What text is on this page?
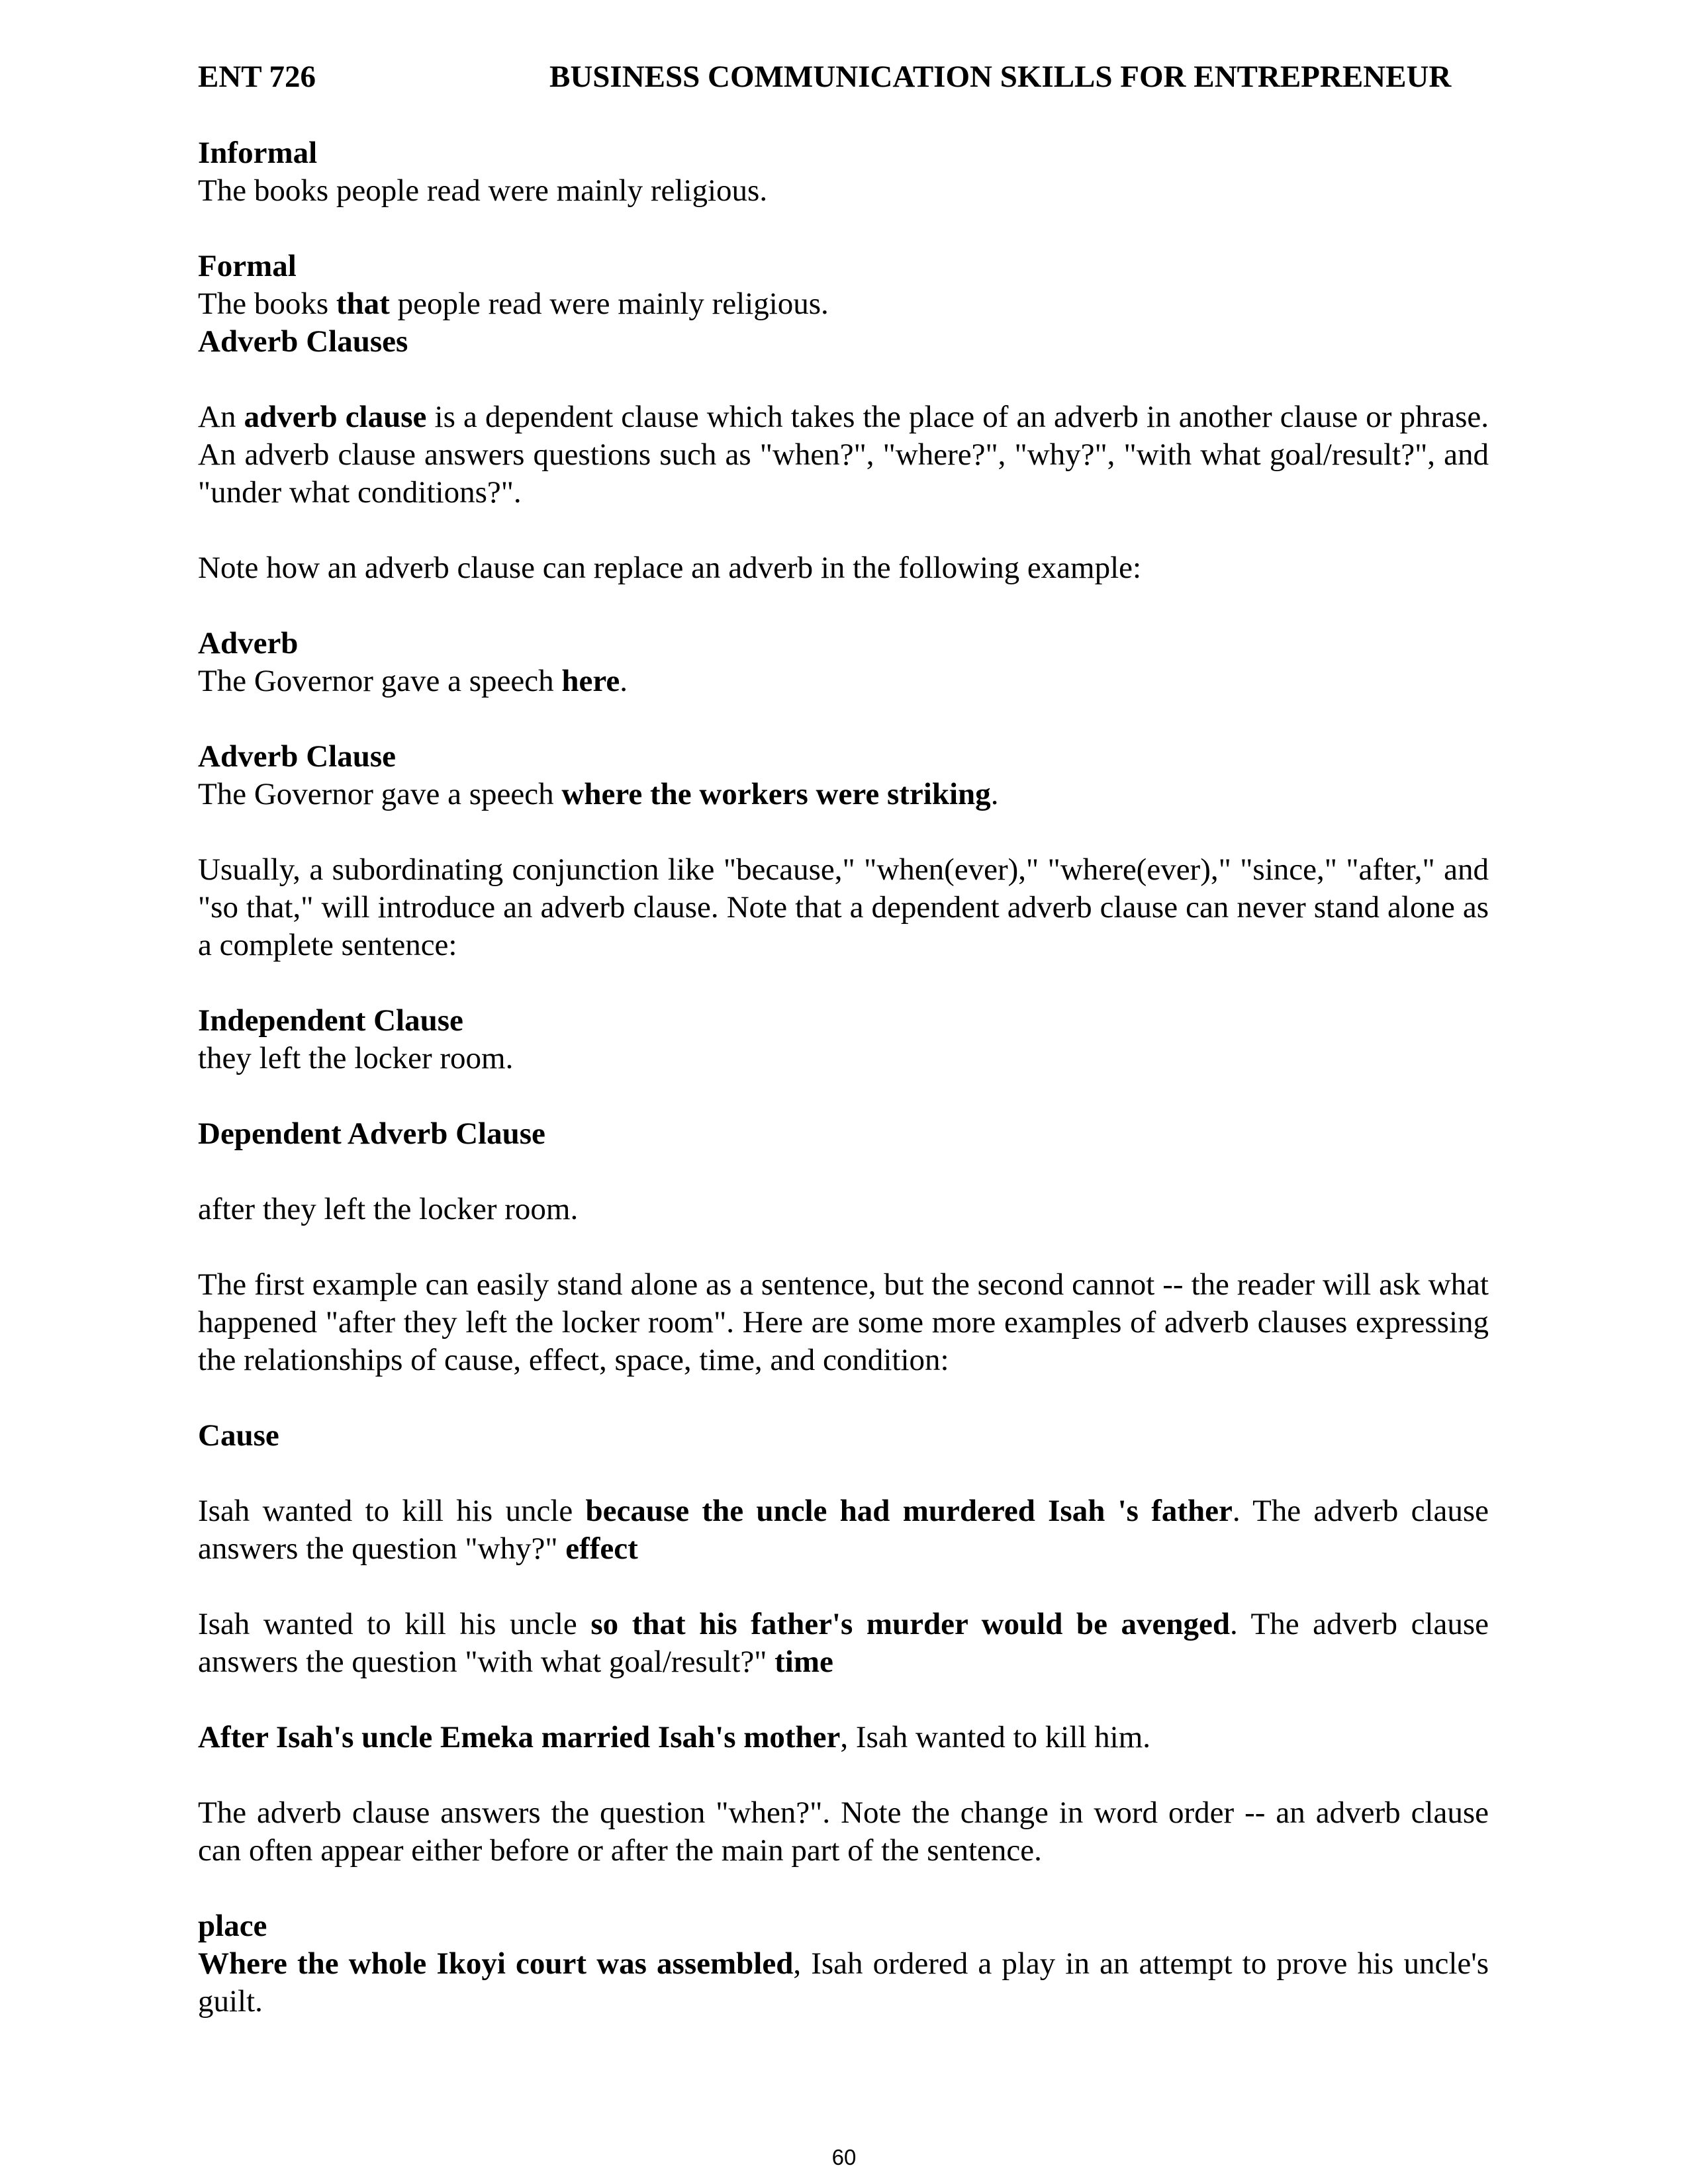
ENT 726	BUSINESS COMMUNICATION SKILLS FOR ENTREPRENEUR

Informal

The books people read were mainly religious.

Formal

The books that people read were mainly religious.

Adverb Clauses

An adverb clause is a dependent clause which takes the place of an adverb in another clause or phrase. An adverb clause answers questions such as "when?", "where?", "why?", "with what goal/result?", and "under what conditions?".

Note how an adverb clause can replace an adverb in the following example:

Adverb

The Governor gave a speech here.

Adverb Clause

The Governor gave a speech where the workers were striking.

Usually, a subordinating conjunction like "because," "when(ever)," "where(ever)," "since," "after," and "so that," will introduce an adverb clause. Note that a dependent adverb clause can never stand alone as a complete sentence:

Independent Clause

they left the locker room.

Dependent Adverb Clause

after they left the locker room.

The first example can easily stand alone as a sentence, but the second cannot -- the reader will ask what happened "after they left the locker room". Here are some more examples of adverb clauses expressing the relationships of cause, effect, space, time, and condition:

Cause

Isah wanted to kill his uncle because the uncle had murdered Isah 's father. The adverb clause answers the question "why?" effect

Isah wanted to kill his uncle so that his father's murder would be avenged. The adverb clause answers the question "with what goal/result?" time

After Isah's uncle Emeka married Isah's mother, Isah wanted to kill him.

The adverb clause answers the question "when?". Note the change in word order -- an adverb clause can often appear either before or after the main part of the sentence.

place

Where the whole Ikoyi court was assembled, Isah ordered a play in an attempt to prove his uncle's guilt.

60
